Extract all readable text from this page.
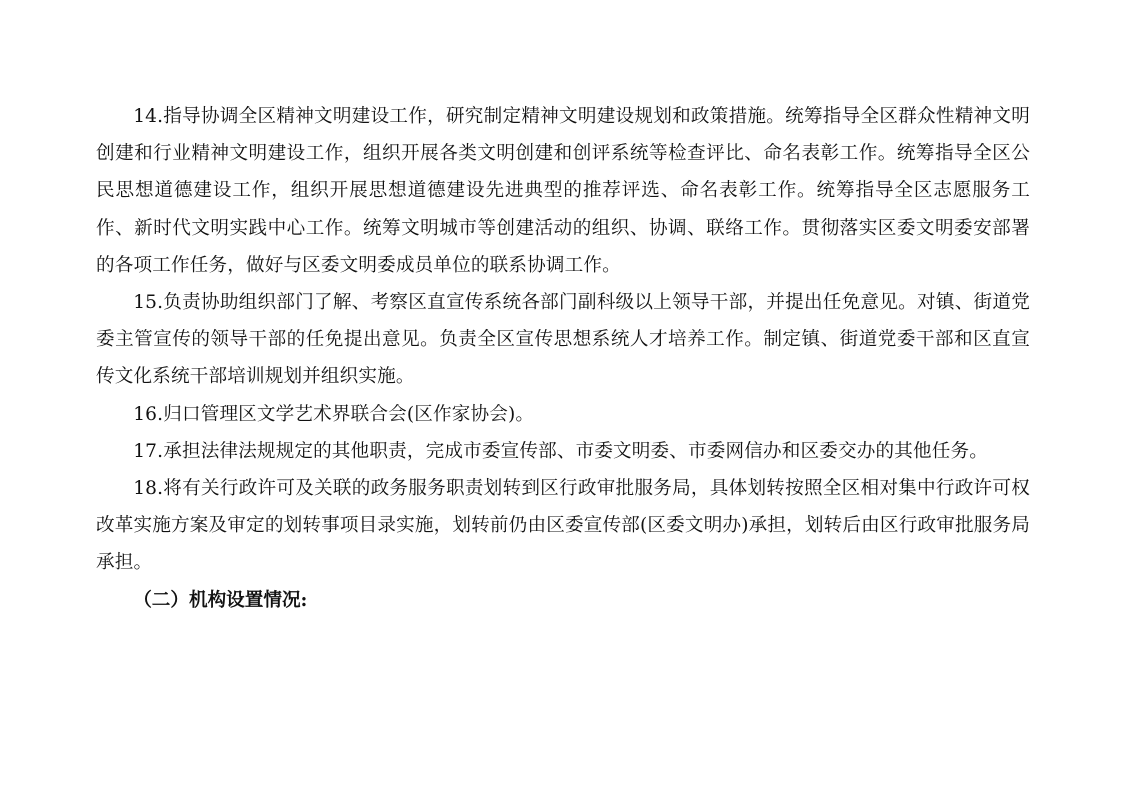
14.指导协调全区精神文明建设工作，研究制定精神文明建设规划和政策措施。统筹指导全区群众性精神文明创建和行业精神文明建设工作，组织开展各类文明创建和创评系统等检查评比、命名表彰工作。统筹指导全区公民思想道德建设工作，组织开展思想道德建设先进典型的推荐评选、命名表彰工作。统筹指导全区志愿服务工作、新时代文明实践中心工作。统筹文明城市等创建活动的组织、协调、联络工作。贯彻落实区委文明委安部署的各项工作任务，做好与区委文明委成员单位的联系协调工作。

15.负责协助组织部门了解、考察区直宣传系统各部门副科级以上领导干部，并提出任免意见。对镇、街道党委主管宣传的领导干部的任免提出意见。负责全区宣传思想系统人才培养工作。制定镇、街道党委干部和区直宣传文化系统干部培训规划并组织实施。

16.归口管理区文学艺术界联合会(区作家协会)。

17.承担法律法规规定的其他职责，完成市委宣传部、市委文明委、市委网信办和区委交办的其他任务。

18.将有关行政许可及关联的政务服务职责划转到区行政审批服务局，具体划转按照全区相对集中行政许可权改革实施方案及审定的划转事项目录实施，划转前仍由区委宣传部(区委文明办)承担，划转后由区行政审批服务局承担。

（二）机构设置情况:
